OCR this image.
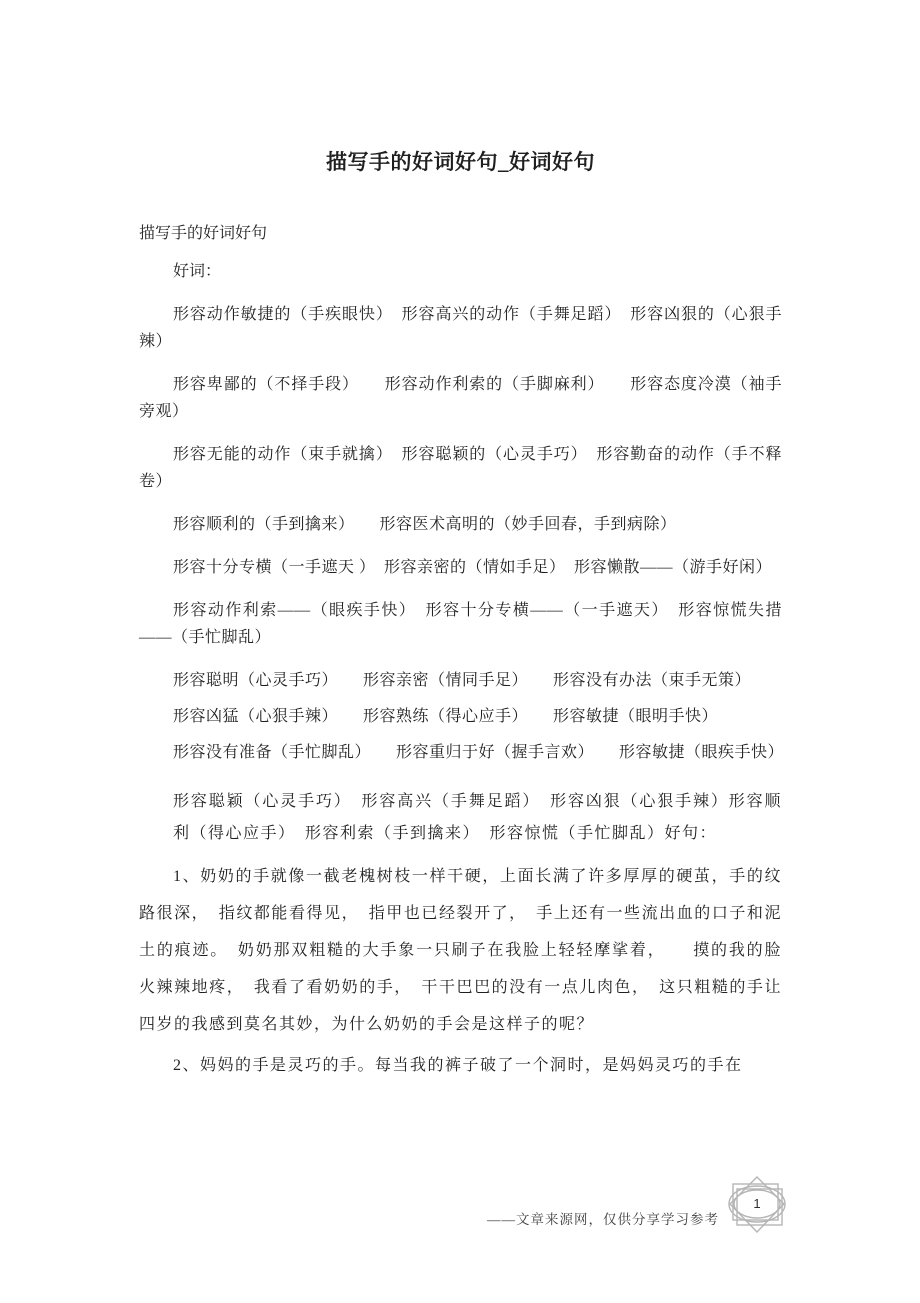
描写手的好词好句_好词好句

描写手的好词好句

好词：

形容动作敏捷的（手疾眼快）　形容高兴的动作（手舞足蹈）　形容凶狠的（心狠手辣）

形容卑鄙的（不择手段）　　形容动作利索的（手脚麻利）　　形容态度冷漠（袖手旁观）

形容无能的动作（束手就擒）　形容聪颖的（心灵手巧）　形容勤奋的动作（手不释卷）

形容顺利的（手到擒来）　　形容医术高明的（妙手回春，手到病除）

形容十分专横（一手遮天 ）　形容亲密的（情如手足）　形容懒散——（游手好闲）

形容动作利索——（眼疾手快）　形容十分专横——（一手遮天）　形容惊慌失措——（手忙脚乱）

形容聪明（心灵手巧）　　形容亲密（情同手足）　　形容没有办法（束手无策）

形容凶猛（心狠手辣）　　形容熟练（得心应手）　　形容敏捷（眼明手快）

形容没有准备（手忙脚乱）　　形容重归于好（握手言欢）　　形容敏捷（眼疾手快）

形容聪颖（心灵手巧）　形容高兴（手舞足蹈）　形容凶狠（心狠手辣）形容顺利（得心应手）　形容利索（手到擒来）　形容惊慌（手忙脚乱）好句：

1、奶奶的手就像一截老槐树枝一样干硬，上面长满了许多厚厚的硬茧，手的纹路很深，　指纹都能看得见，　指甲也已经裂开了，　手上还有一些流出血的口子和泥土的痕迹。　奶奶那双粗糙的大手象一只刷子在我脸上轻轻摩挲着，　　摸的我的脸火辣辣地疼，　我看了看奶奶的手，　干干巴巴的没有一点儿肉色，　这只粗糙的手让四岁的我感到莫名其妙，为什么奶奶的手会是这样子的呢？

2、妈妈的手是灵巧的手。每当我的裤子破了一个洞时，是妈妈灵巧的手在

——文章来源网，仅供分享学习参考
1
